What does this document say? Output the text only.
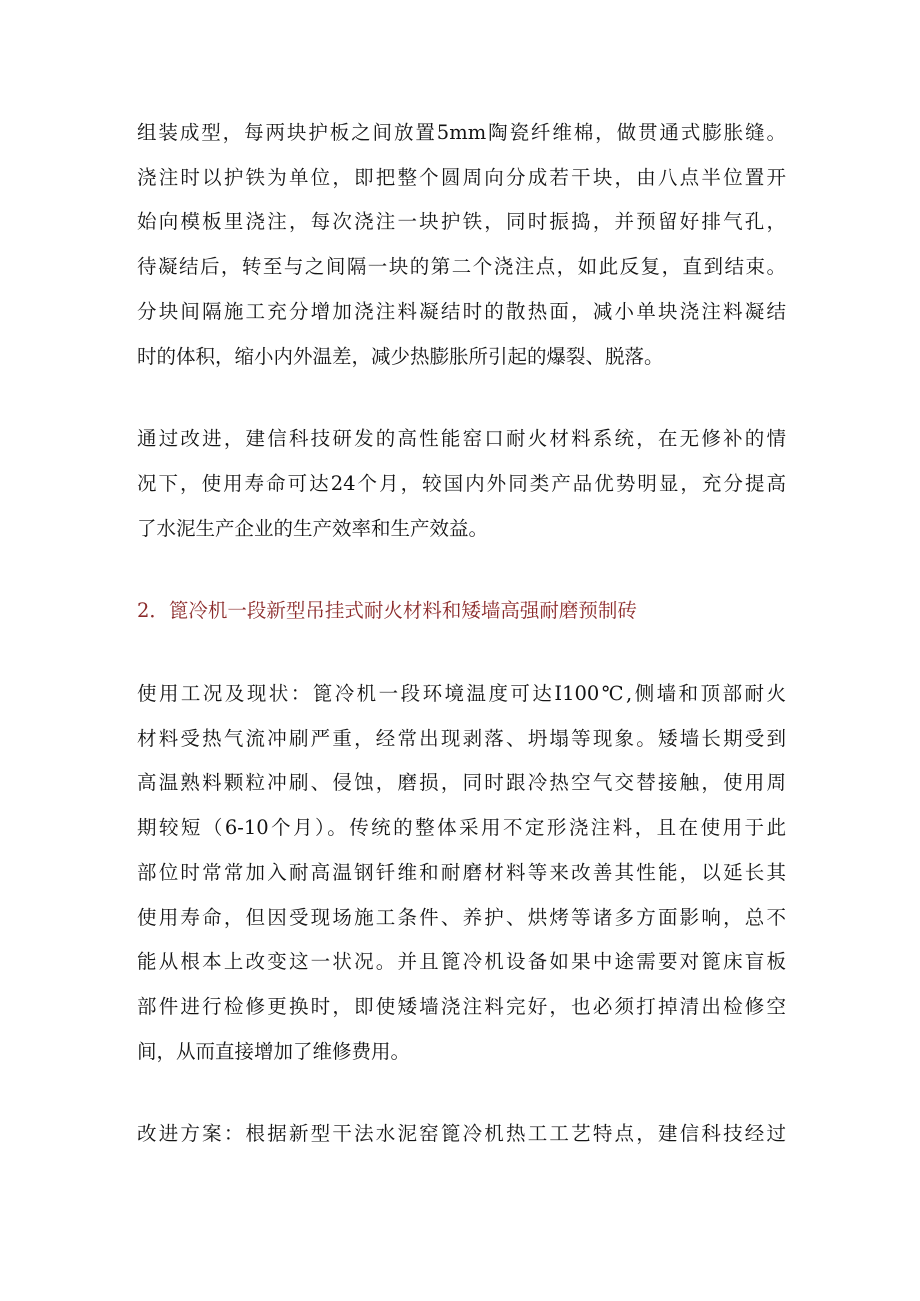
组装成型，每两块护板之间放置5mm陶瓷纤维棉，做贯通式膨胀缝。
浇注时以护铁为单位，即把整个圆周向分成若干块，由八点半位置开
始向模板里浇注，每次浇注一块护铁，同时振捣，并预留好排气孔，
待凝结后，转至与之间隔一块的第二个浇注点，如此反复，直到结束。
分块间隔施工充分增加浇注料凝结时的散热面，减小单块浇注料凝结
时的体积，缩小内外温差，减少热膨胀所引起的爆裂、脱落。

通过改进，建信科技研发的高性能窑口耐火材料系统，在无修补的情
况下，使用寿命可达24个月，较国内外同类产品优势明显，充分提高
了水泥生产企业的生产效率和生产效益。

2．篦冷机一段新型吊挂式耐火材料和矮墙高强耐磨预制砖

使用工况及现状：篦冷机一段环境温度可达I100℃,侧墙和顶部耐火
材料受热气流冲刷严重，经常出现剥落、坍塌等现象。矮墙长期受到
高温熟料颗粒冲刷、侵蚀，磨损，同时跟冷热空气交替接触，使用周
期较短（6-10个月）。传统的整体采用不定形浇注料，且在使用于此
部位时常常加入耐高温钢钎维和耐磨材料等来改善其性能，以延长其
使用寿命，但因受现场施工条件、养护、烘烤等诸多方面影响，总不
能从根本上改变这一状况。并且篦冷机设备如果中途需要对篦床盲板
部件进行检修更换时，即使矮墙浇注料完好，也必须打掉清出检修空
间，从而直接增加了维修费用。

改进方案：根据新型干法水泥窑篦冷机热工工艺特点，建信科技经过
